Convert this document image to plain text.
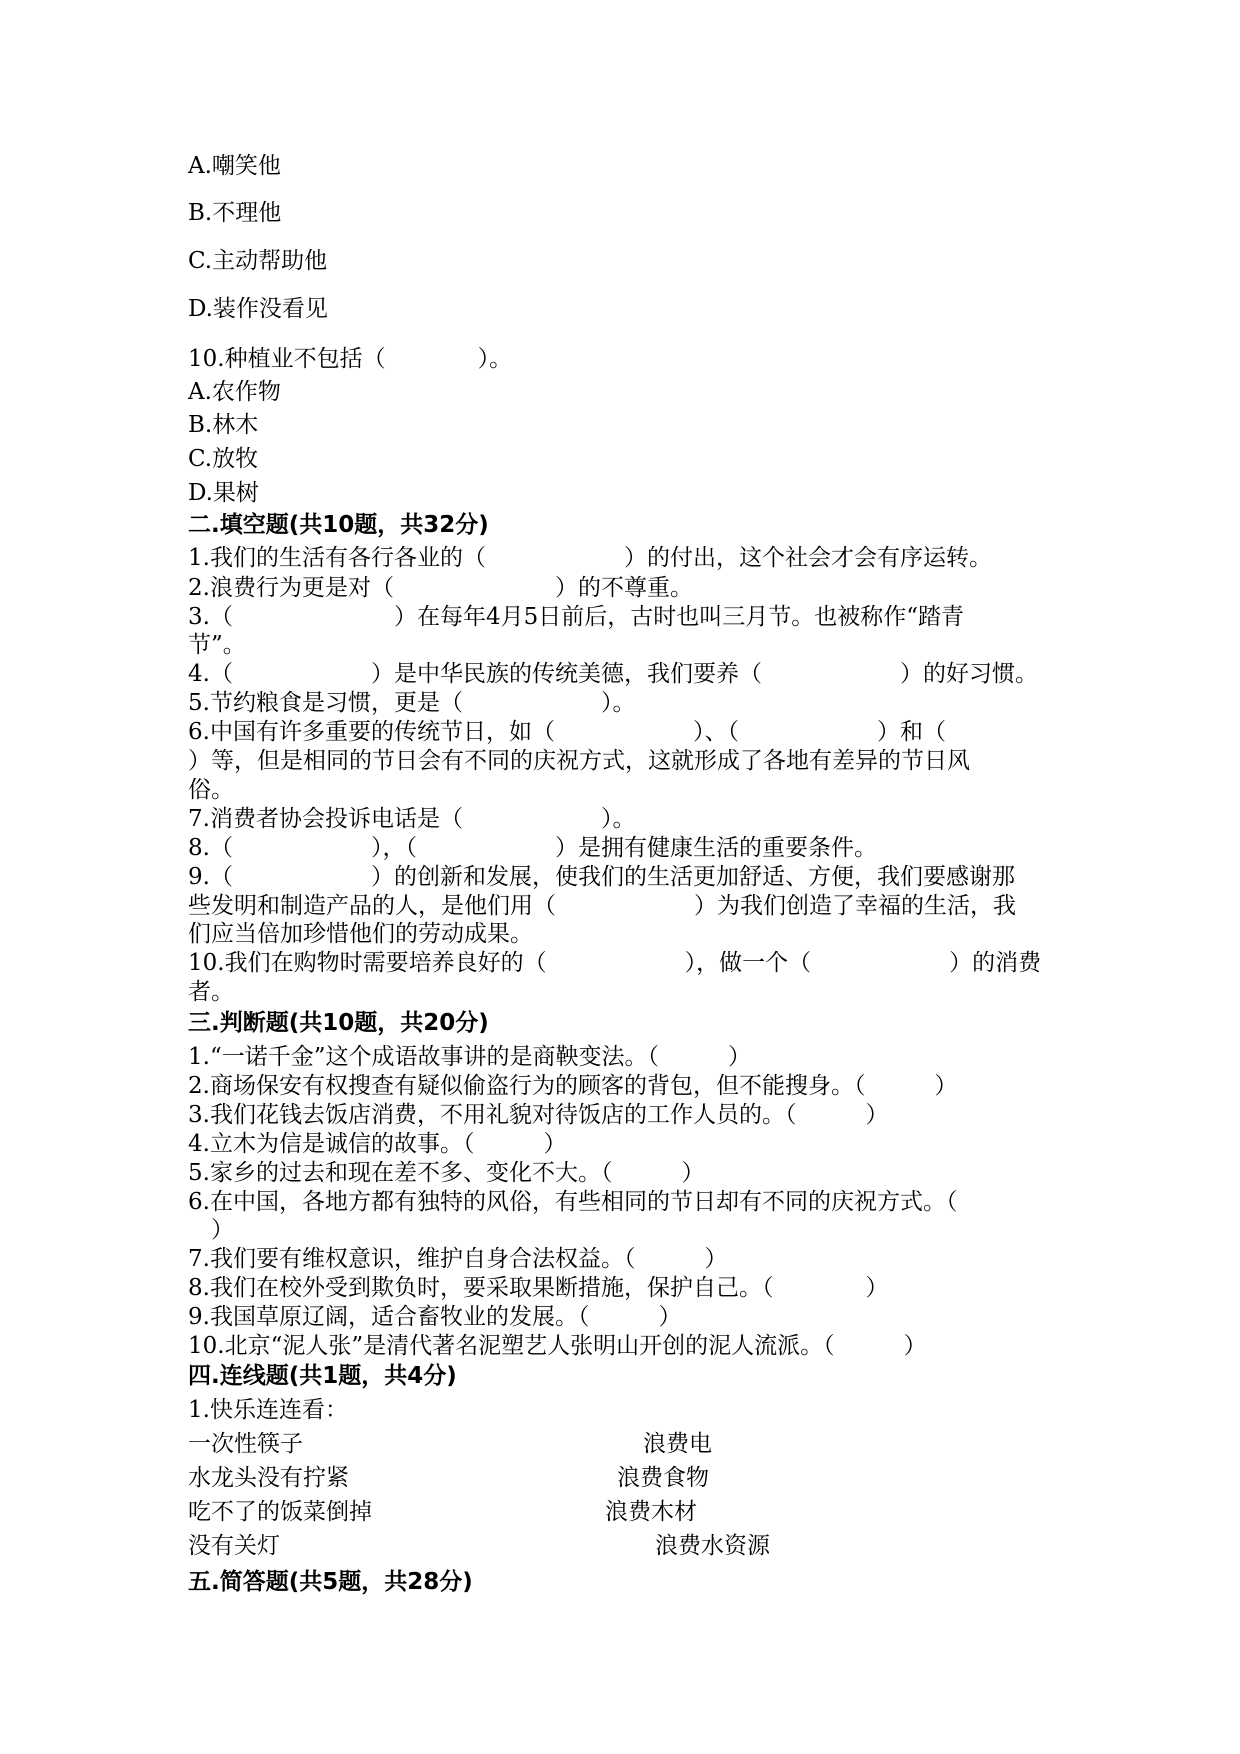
A.嘲笑他
B.不理他
C.主动帮助他
D.装作没看见
10.种植业不包括（　　　　）。
A.农作物
B.林木
C.放牧
D.果树
二.填空题(共10题，共32分)
1.我们的生活有各行各业的（　　　　　　）的付出，这个社会才会有序运转。
2.浪费行为更是对（　　　　　　　）的不尊重。
3.（　　　　　　　）在每年4月5日前后，古时也叫三月节。也被称作“踏青
节”。
4.（　　　　　　）是中华民族的传统美德，我们要养（　　　　　　）的好习惯。
5.节约粮食是习惯，更是（　　　　　　）。
6.中国有许多重要的传统节日，如（　　　　　　）、（　　　　　　）和（
）等，但是相同的节日会有不同的庆祝方式，这就形成了各地有差异的节日风
俗。
7.消费者协会投诉电话是（　　　　　　）。
8.（　　　　　　），（　　　　　　）是拥有健康生活的重要条件。
9.（　　　　　　）的创新和发展，使我们的生活更加舒适、方便，我们要感谢那
些发明和制造产品的人，是他们用（　　　　　　）为我们创造了幸福的生活，我
们应当倍加珍惜他们的劳动成果。
10.我们在购物时需要培养良好的（　　　　　　），做一个（　　　　　　）的消费
者。
三.判断题(共10题，共20分)
1.“一诺千金”这个成语故事讲的是商鞅变法。（　　　）
2.商场保安有权搜查有疑似偷盗行为的顾客的背包，但不能搜身。（　　　）
3.我们花钱去饭店消费，不用礼貌对待饭店的工作人员的。（　　　）
4.立木为信是诚信的故事。（　　　）
5.家乡的过去和现在差不多、变化不大。（　　　）
6.在中国，各地方都有独特的风俗，有些相同的节日却有不同的庆祝方式。（
　）
7.我们要有维权意识，维护自身合法权益。（　　　）
8.我们在校外受到欺负时，要采取果断措施，保护自己。（　　　　）
9.我国草原辽阔，适合畜牧业的发展。（　　　）
10.北京“泥人张”是清代著名泥塑艺人张明山开创的泥人流派。（　　　）
四.连线题(共1题，共4分)
1.快乐连连看：
一次性筷子	浪费电
水龙头没有拧紧	浪费食物
吃不了的饭菜倒掉	浪费木材
没有关灯	浪费水资源
五.简答题(共5题，共28分)
